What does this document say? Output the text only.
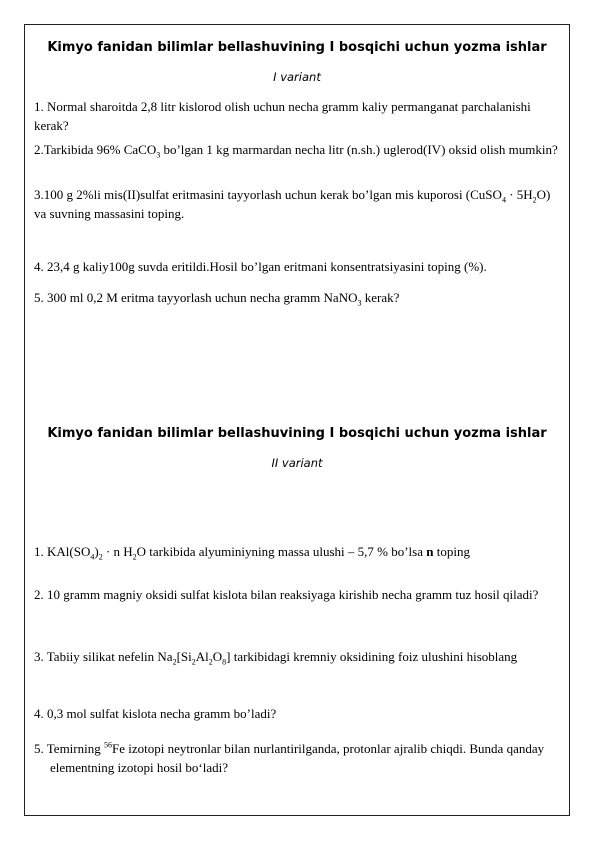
Kimyo fanidan bilimlar bellashuvining I bosqichi uchun yozma ishlar
I variant
1. Normal sharoitda 2,8 litr kislorod olish uchun necha gramm kaliy permanganat parchalanishi kerak?
2.Tarkibida 96% CaCO$_3$ bo’lgan 1 kg marmardan necha litr (n.sh.) uglerod(IV) oksid olish mumkin?
3.100 g 2%li mis(II)sulfat eritmasini tayyorlash uchun kerak bo’lgan mis kuporosi (CuSO$_4$ · $5H_2O$) va suvning massasini toping.
4. 23,4 g kaliy100g suvda eritildi.Hosil bo’lgan eritmani konsentratsiyasini toping (%).
5. 300 ml 0,2 M eritma tayyorlash uchun necha gramm NaNO$_3$ kerak?
Kimyo fanidan bilimlar bellashuvining I bosqichi uchun yozma ishlar
II variant
1. $KAl(SO_4)_2 \cdot n$ $H_2O$ tarkibida alyuminiyning massa ulushi – 5,7 % bo’lsa n toping
2. 10 gramm magniy oksidi sulfat kislota bilan reaksiyaga kirishib necha gramm tuz hosil qiladi?
3. Tabiiy silikat nefelin $Na_2[Si_2Al_2O_8]$ tarkibidagi kremniy oksidining foiz ulushini hisoblang
4. 0,3 mol sulfat kislota necha gramm bo’ladi?
5. Temirning $^{56}$Fe izotopi neytronlar bilan nurlantirilganda, protonlar ajralib chiqdi. Bunda qanday elementning izotopi hosil bo‘ladi?
